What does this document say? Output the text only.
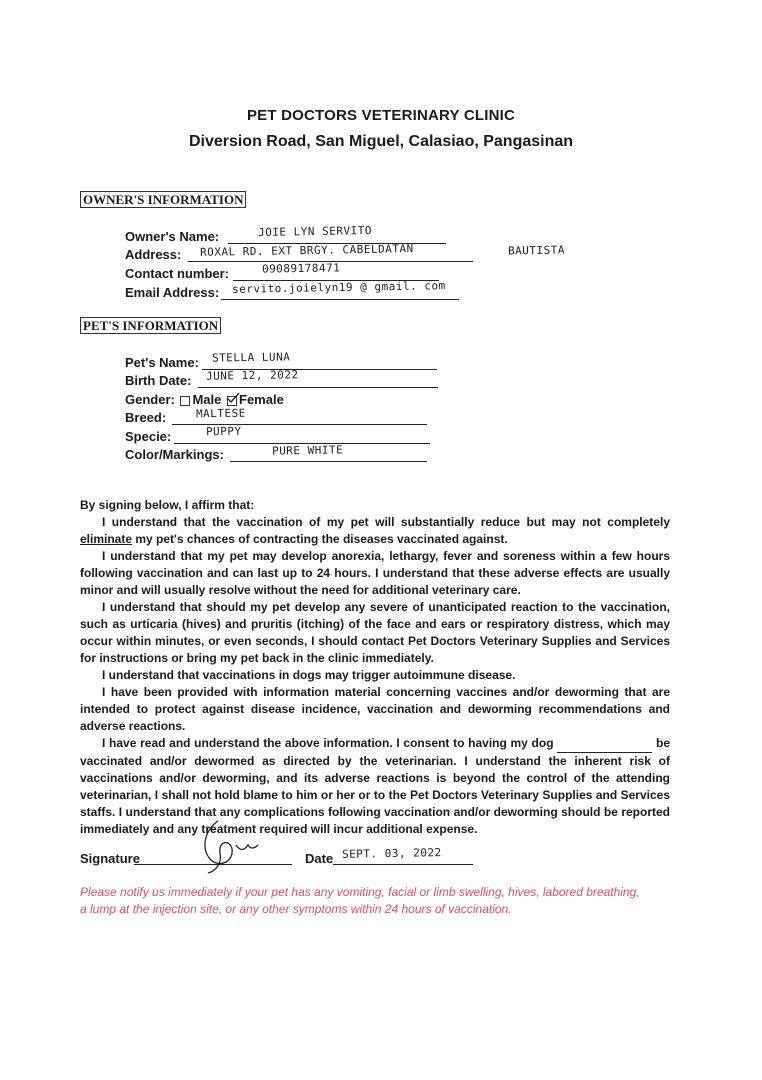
PET DOCTORS VETERINARY CLINIC
Diversion Road, San Miguel, Calasiao, Pangasinan
OWNER'S INFORMATION
Owner's Name:	JOIE LYN SERVITO
Address: ROXAL RD. EXT BRGY. CABELDATAN	BAUTISTA
Contact number:	09089178471
Email Address: servito.joielyn19 @ gmail. com
PET'S INFORMATION
Pet's Name: STELLA LUNA
Birth Date: JUNE 12, 2022
Gender: Male Female
Breed:	MALTESE
Specie:	PUPPY
Color/Markings:	PURE WHITE

By signing below, I affirm that:

I understand that the vaccination of my pet will substantially reduce but may not completely eliminate my pet's chances of contracting the diseases vaccinated against.

I understand that my pet may develop anorexia, lethargy, fever and soreness within a few hours following vaccination and can last up to 24 hours. I understand that these adverse effects are usually minor and will usually resolve without the need for additional veterinary care.

I understand that should my pet develop any severe of unanticipated reaction to the vaccination, such as urticaria (hives) and pruritis (itching) of the face and ears or respiratory distress, which may occur within minutes, or even seconds, I should contact Pet Doctors Veterinary Supplies and Services for instructions or bring my pet back in the clinic immediately.

I understand that vaccinations in dogs may trigger autoimmune disease.

I have been provided with information material concerning vaccines and/or deworming that are intended to protect against disease incidence, vaccination and deworming recommendations and adverse reactions.

I have read and understand the above information. I consent to having my dog	be vaccinated and/or dewormed as directed by the veterinarian. I understand the inherent risk of vaccinations and/or deworming, and its adverse reactions is beyond the control of the attending veterinarian, I shall not hold blame to him or her or to the Pet Doctors Veterinary Supplies and Services staffs. I understand that any complications following vaccination and/or deworming should be reported immediately and any treatment required will incur additional expense.

Signature	Date SEPT. 03, 2022
Please notify us immediately if your pet has any vomiting, facial or limb swelling, hives, labored breathing, a lump at the injection site, or any other symptoms within 24 hours of vaccination.
